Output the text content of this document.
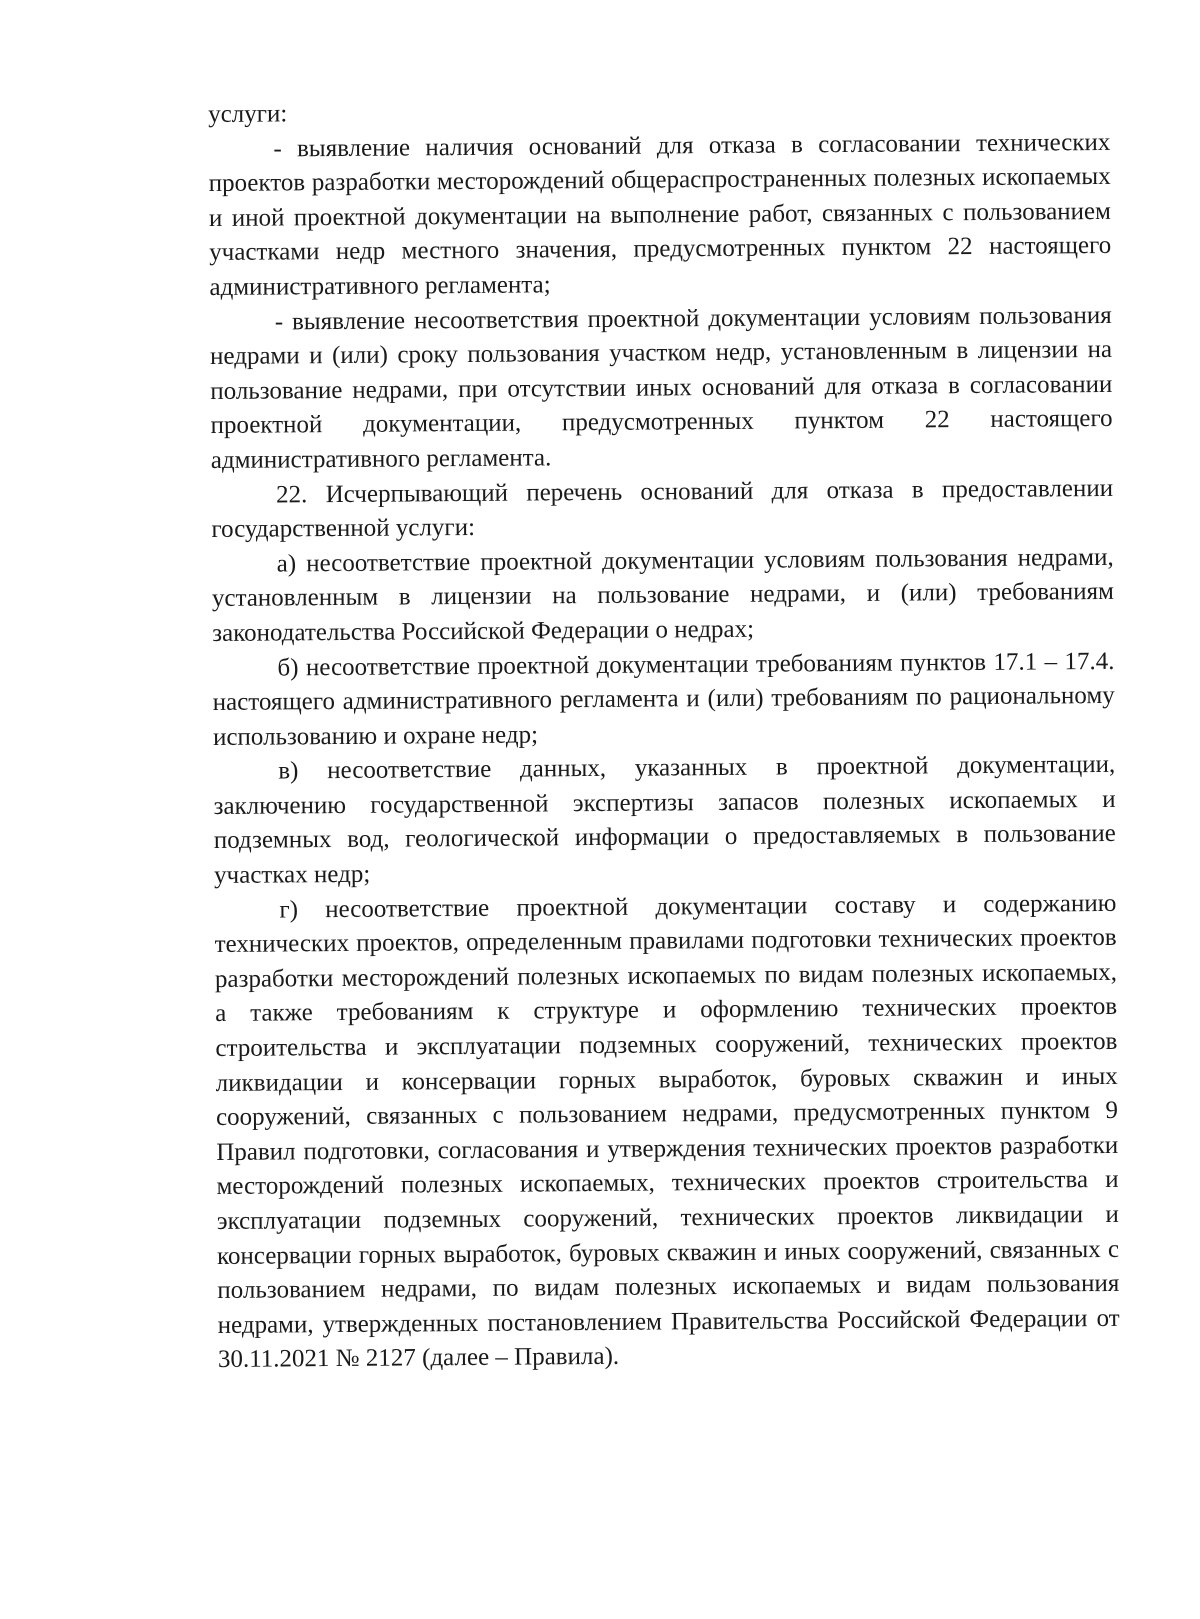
услуги:

- выявление наличия оснований для отказа в согласовании технических проектов разработки месторождений общераспространенных полезных ископаемых и иной проектной документации на выполнение работ, связанных с пользованием участками недр местного значения, предусмотренных пунктом 22 настоящего административного регламента;

- выявление несоответствия проектной документации условиям пользования недрами и (или) сроку пользования участком недр, установленным в лицензии на пользование недрами, при отсутствии иных оснований для отказа в согласовании проектной документации, предусмотренных пунктом 22 настоящего административного регламента.

22. Исчерпывающий перечень оснований для отказа в предоставлении государственной услуги:

а) несоответствие проектной документации условиям пользования недрами, установленным в лицензии на пользование недрами, и (или) требованиям законодательства Российской Федерации о недрах;

б) несоответствие проектной документации требованиям пунктов 17.1 – 17.4. настоящего административного регламента и (или) требованиям по рациональному использованию и охране недр;

в) несоответствие данных, указанных в проектной документации, заключению государственной экспертизы запасов полезных ископаемых и подземных вод, геологической информации о предоставляемых в пользование участках недр;

г) несоответствие проектной документации составу и содержанию технических проектов, определенным правилами подготовки технических проектов разработки месторождений полезных ископаемых по видам полезных ископаемых, а также требованиям к структуре и оформлению технических проектов строительства и эксплуатации подземных сооружений, технических проектов ликвидации и консервации горных выработок, буровых скважин и иных сооружений, связанных с пользованием недрами, предусмотренных пунктом 9 Правил подготовки, согласования и утверждения технических проектов разработки месторождений полезных ископаемых, технических проектов строительства и эксплуатации подземных сооружений, технических проектов ликвидации и консервации горных выработок, буровых скважин и иных сооружений, связанных с пользованием недрами, по видам полезных ископаемых и видам пользования недрами, утвержденных постановлением Правительства Российской Федерации от 30.11.2021 № 2127 (далее – Правила).
